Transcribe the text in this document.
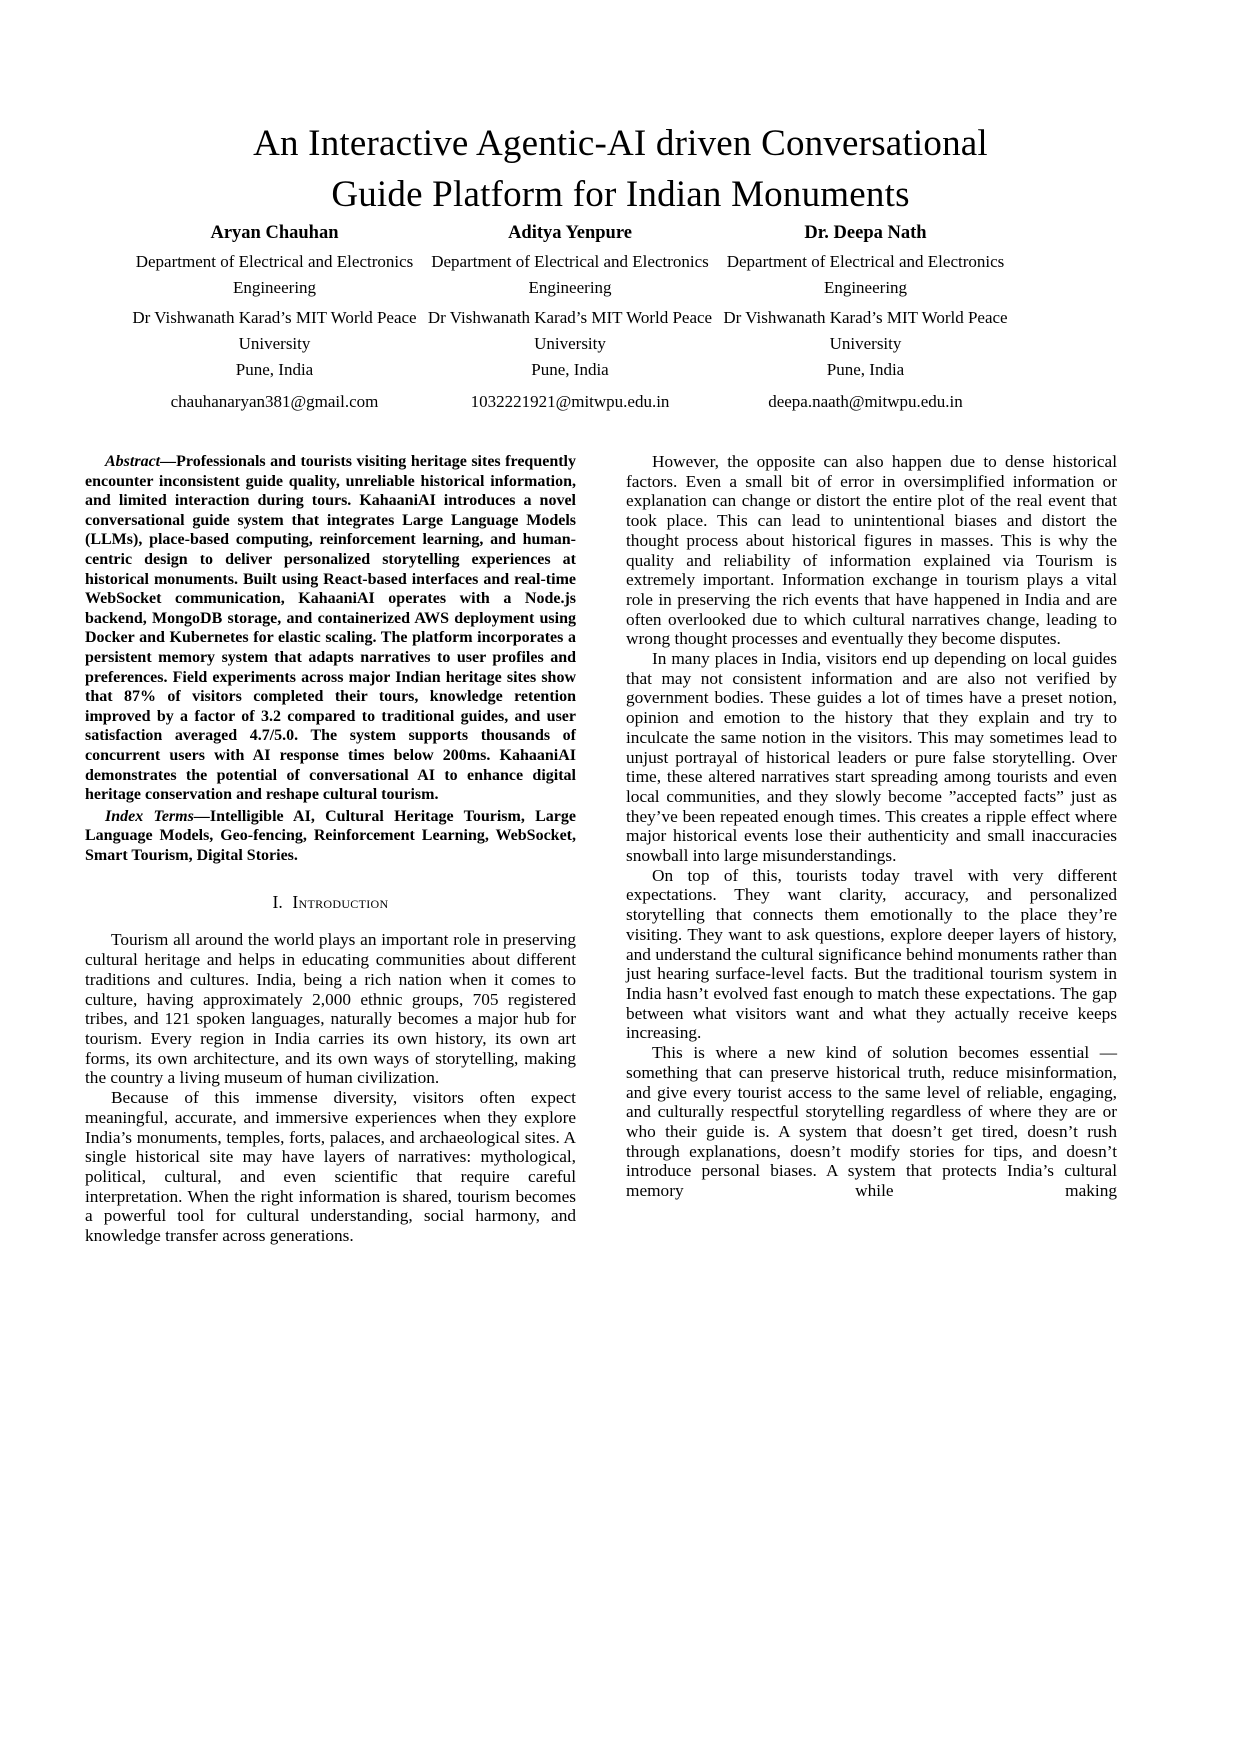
An Interactive Agentic-AI driven Conversational
Guide Platform for Indian Monuments
Aryan Chauhan
Department of Electrical and Electronics Engineering
Dr Vishwanath Karad’s MIT World Peace University
Pune, India
chauhanaryan381@gmail.com
Aditya Yenpure
Department of Electrical and Electronics Engineering
Dr Vishwanath Karad’s MIT World Peace University
Pune, India
1032221921@mitwpu.edu.in
Dr. Deepa Nath
Department of Electrical and Electronics Engineering
Dr Vishwanath Karad’s MIT World Peace University
Pune, India
deepa.naath@mitwpu.edu.in

Abstract—Professionals and tourists visiting heritage sites frequently encounter inconsistent guide quality, unreliable historical information, and limited interaction during tours. KahaaniAI introduces a novel conversational guide system that integrates Large Language Models (LLMs), place-based computing, reinforcement learning, and human-centric design to deliver personalized storytelling experiences at historical monuments. Built using React-based interfaces and real-time WebSocket communication, KahaaniAI operates with a Node.js backend, MongoDB storage, and containerized AWS deployment using Docker and Kubernetes for elastic scaling. The platform incorporates a persistent memory system that adapts narratives to user profiles and preferences. Field experiments across major Indian heritage sites show that 87% of visitors completed their tours, knowledge retention improved by a factor of 3.2 compared to traditional guides, and user satisfaction averaged 4.7/5.0. The system supports thousands of concurrent users with AI response times below 200ms. KahaaniAI demonstrates the potential of conversational AI to enhance digital heritage conservation and reshape cultural tourism.

Index Terms—Intelligible AI, Cultural Heritage Tourism, Large Language Models, Geo-fencing, Reinforcement Learning, WebSocket, Smart Tourism, Digital Stories.

I. Introduction

Tourism all around the world plays an important role in preserving cultural heritage and helps in educating communities about different traditions and cultures. India, being a rich nation when it comes to culture, having approximately 2,000 ethnic groups, 705 registered tribes, and 121 spoken languages, naturally becomes a major hub for tourism. Every region in India carries its own history, its own art forms, its own architecture, and its own ways of storytelling, making the country a living museum of human civilization.

Because of this immense diversity, visitors often expect meaningful, accurate, and immersive experiences when they explore India’s monuments, temples, forts, palaces, and archaeological sites. A single historical site may have layers of narratives: mythological, political, cultural, and even scientific that require careful interpretation. When the right information is shared, tourism becomes a powerful tool for cultural understanding, social harmony, and knowledge transfer across generations.

However, the opposite can also happen due to dense historical factors. Even a small bit of error in oversimplified information or explanation can change or distort the entire plot of the real event that took place. This can lead to unintentional biases and distort the thought process about historical figures in masses. This is why the quality and reliability of information explained via Tourism is extremely important. Information exchange in tourism plays a vital role in preserving the rich events that have happened in India and are often overlooked due to which cultural narratives change, leading to wrong thought processes and eventually they become disputes.

In many places in India, visitors end up depending on local guides that may not consistent information and are also not verified by government bodies. These guides a lot of times have a preset notion, opinion and emotion to the history that they explain and try to inculcate the same notion in the visitors. This may sometimes lead to unjust portrayal of historical leaders or pure false storytelling. Over time, these altered narratives start spreading among tourists and even local communities, and they slowly become ”accepted facts” just as they’ve been repeated enough times. This creates a ripple effect where major historical events lose their authenticity and small inaccuracies snowball into large misunderstandings.

On top of this, tourists today travel with very different expectations. They want clarity, accuracy, and personalized storytelling that connects them emotionally to the place they’re visiting. They want to ask questions, explore deeper layers of history, and understand the cultural significance behind monuments rather than just hearing surface-level facts. But the traditional tourism system in India hasn’t evolved fast enough to match these expectations. The gap between what visitors want and what they actually receive keeps increasing.

This is where a new kind of solution becomes essential — something that can preserve historical truth, reduce misinformation, and give every tourist access to the same level of reliable, engaging, and culturally respectful storytelling regardless of where they are or who their guide is. A system that doesn’t get tired, doesn’t rush through explanations, doesn’t modify stories for tips, and doesn’t introduce personal biases. A system that protects India’s cultural memory while making
